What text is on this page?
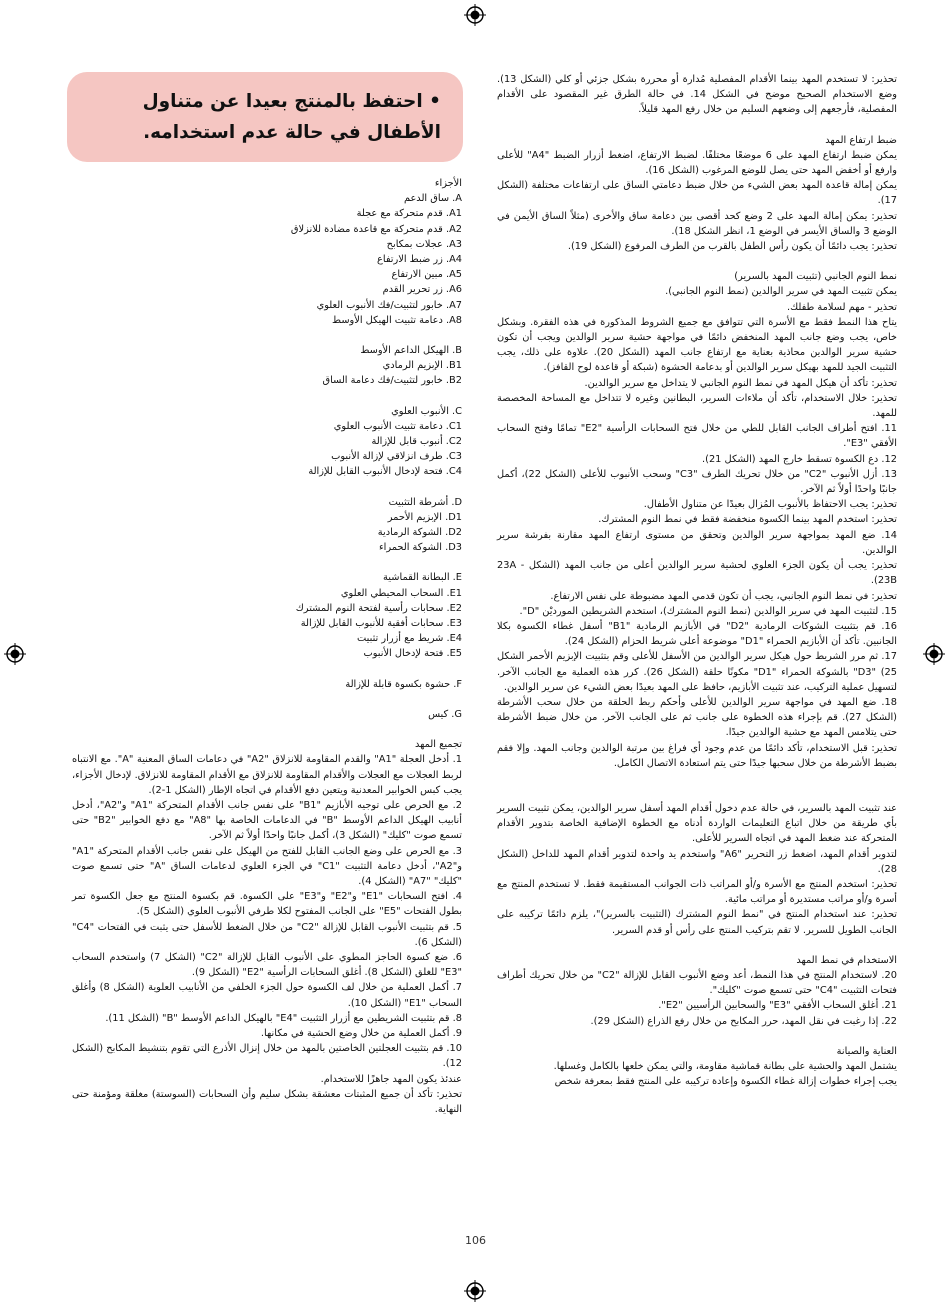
• احتفظ بالمنتج بعيدا عن متناول الأطفال في حالة عدم استخدامه.

تحذير: لا تستخدم المهد بينما الأقدام المفصلية مُدارة أو محررة بشكل جزئي أو كلي (الشكل 13). وضع الاستخدام الصحيح موضح في الشكل 14. في حالة الطرق غير المقصود على الأقدام المفصلية، فأرجعهم إلى وضعهم السليم من خلال رفع المهد قليلاً.

ضبط ارتفاع المهد

يمكن ضبط ارتفاع المهد على 6 موضعًا مختلفًا. لضبط الارتفاع، اضغط أزرار الضبط "A4" للأعلى وارفع أو أخفض المهد حتى يصل للوضع المرغوب (الشكل 16).

يمكن إمالة قاعدة المهد بعض الشيء من خلال ضبط دعامتي الساق على ارتفاعات مختلفة (الشكل 17).

تحذير: يمكن إمالة المهد على 2 وضع كحد أقصى بين دعامة ساق والأخرى (مثلاً الساق الأيمن في الوضع 3 والساق الأيسر في الوضع 1، انظر الشكل 18).

تحذير: يجب دائمًا أن يكون رأس الطفل بالقرب من الطرف المرفوع (الشكل 19).

نمط النوم الجانبي (تثبيت المهد بالسرير)

يمكن تثبيت المهد في سرير الوالدين (نمط النوم الجانبي).

تحذير - مهم لسلامة طفلك.

يتاح هذا النمط فقط مع الأسرة التي تتوافق مع جميع الشروط المذكورة في هذه الفقرة. وبشكل خاص، يجب وضع جانب المهد المنخفض دائمًا في مواجهة حشية سرير الوالدين ويجب أن تكون حشية سرير الوالدين محاذية بعناية مع ارتفاع جانب المهد (الشكل 20). علاوة على ذلك، يجب التثبيت الجيد للمهد بهيكل سرير الوالدين أو بدعامة الحشوة (شبكة أو قاعدة لوح القافز).

تحذير: تأكد أن هيكل المهد في نمط النوم الجانبي لا يتداخل مع سرير الوالدين.

تحذير: خلال الاستخدام، تأكد أن ملاءات السرير، البطانين وغيره لا تتداخل مع المساحة المخصصة للمهد.

11. افتح أطراف الجانب القابل للطي من خلال فتح السحابات الرأسية "E2" تمامًا وفتح السحاب الأفقي "E3".

12. دع الكسوة تسقط خارج المهد (الشكل 21).

13. أزل الأنبوب "C2" من خلال تحريك الطرف "C3" وسحب الأنبوب للأعلى (الشكل 22)، أكمل جانبًا واحدًا أولاً ثم الآخر.

تحذير: يجب الاحتفاظ بالأنبوب المُزال بعيدًا عن متناول الأطفال.

تحذير: استخدم المهد بينما الكسوة منخفضة فقط في نمط النوم المشترك.

14. ضع المهد بمواجهة سرير الوالدين وتحقق من مستوى ارتفاع المهد مقارنة بفرشة سرير الوالدين.

تحذير: يجب أن يكون الجزء العلوي لحشية سرير الوالدين أعلى من جانب المهد (الشكل 23A - 23B).

تحذير: في نمط النوم الجانبي، يجب أن تكون قدمي المهد مضبوطة على نفس الارتفاع.

15. لتثبيت المهد في سرير الوالدين (نمط النوم المشترك)، استخدم الشريطين المورديْن "D".

16. قم بتثبيت الشوكات الرمادية "D2" في الأبازيم الرمادية "B1" أسفل غطاء الكسوة بكلا الجانبين. تأكد أن الأبازيم الحمراء "D1" موضوعة أعلى شريط الحزام (الشكل 24).

17. ثم مرر الشريط حول هيكل سرير الوالدين من الأسفل للأعلى وقم بتثبيت الإبزيم الأحمر الشكل 25) "D3" بالشوكة الحمراء "D1" مكونًا حلقة (الشكل 26). كرر هذه العملية مع الجانب الآخر. لتسهيل عملية التركيب، عند تثبيت الأبازيم، حافظ على المهد بعيدًا بعض الشيء عن سرير الوالدين.

18. ضع المهد في مواجهة سرير الوالدين للأعلى وأحكم ربط الحلقة من خلال سحب الأشرطة (الشكل 27). قم بإجراء هذه الخطوة على جانب ثم على الجانب الآخر. من خلال ضبط الأشرطة حتى يتلامس المهد مع حشية الوالدين جيدًا.

تحذير: قبل الاستخدام، تأكد دائمًا من عدم وجود أي فراغ بين مرتبة الوالدين وجانب المهد. وإلا فقم بضبط الأشرطة من خلال سحبها جيدًا حتى يتم استعادة الاتصال الكامل.

عند تثبيت المهد بالسرير، في حالة عدم دخول أقدام المهد أسفل سرير الوالدين، يمكن تثبيت السرير بأي طريقة من خلال اتباع التعليمات الواردة أدناه مع الخطوة الإضافية الخاصة بتدوير الأقدام المتحركة عند ضغط المهد في اتجاه السرير للأعلى.

لتدوير أقدام المهد، اضغط زر التحرير "A6" واستخدم يد واحدة لتدوير أقدام المهد للداخل (الشكل 28).

تحذير: استخدم المنتج مع الأسرة و/أو المراتب ذات الجوانب المستقيمة فقط. لا تستخدم المنتج مع أسرة و/أو مراتب مستديرة أو مراتب مائية.

تحذير: عند استخدام المنتج في "نمط النوم المشترك (التثبيت بالسرير)"، يلزم دائمًا تركيبه على الجانب الطويل للسرير. لا تقم بتركيب المنتج على رأس أو قدم السرير.

الاستخدام في نمط المهد

20. لاستخدام المنتج في هذا النمط، أعد وضع الأنبوب القابل للإزالة "C2" من خلال تحريك أطراف فتحات التثبيت "C4" حتى تسمع صوت "كليك".

21. أغلق السحاب الأفقي "E3" والسحابين الرأسيين "E2".

22. إذا رغبت في نقل المهد، حرر المكابح من خلال رفع الذراع (الشكل 29).

العناية والصيانة

يشتمل المهد والحشية على بطانة قماشية مقاومة، والتي يمكن خلعها بالكامل وغسلها.

يجب إجراء خطوات إزالة غطاء الكسوة وإعادة تركيبه على المنتج فقط بمعرفة شخص

الأجزاء

A. ساق الدعم

A1. قدم متحركة مع عجلة

A2. قدم متحركة مع قاعدة مضادة للانزلاق

A3. عجلات بمكابح

A4. زر ضبط الارتفاع

A5. مبين الارتفاع

A6. زر تحرير القدم

A7. خابور لتثبيت/فك الأنبوب العلوي

A8. دعامة تثبيت الهيكل الأوسط

B. الهيكل الداعم الأوسط

B1. الإبزيم الرمادي

B2. خابور لتثبيت/فك دعامة الساق

C. الأنبوب العلوي

C1. دعامة تثبيت الأنبوب العلوي

C2. أنبوب قابل للإزالة

C3. طرف انزلاقي لإزالة الأنبوب

C4. فتحة لإدخال الأنبوب القابل للإزالة

D. أشرطة التثبيت

D1. الإبزيم الأحمر

D2. الشوكة الرمادية

D3. الشوكة الحمراء

E. البطانة القماشية

E1. السحاب المحيطي العلوي

E2. سحابات رأسية لفتحة النوم المشترك

E3. سحابات أفقية للأنبوب القابل للإزالة

E4. شريط مع أزرار تثبيت

E5. فتحة لإدخال الأنبوب

F. حشوة بكسوة قابلة للإزالة

G. كيس

تجميع المهد

1. أدخل العجلة "A1" والقدم المقاومة للانزلاق "A2" في دعامات الساق المعنية "A". مع الانتباه لربط العجلات مع العجلات والأقدام المقاومة للانزلاق مع الأقدام المقاومة للانزلاق. لإدخال الأجزاء، يجب كبس الخوابير المعدنية ويتعين دفع الأقدام في اتجاه الإطار (الشكل 1-2).

2. مع الحرص على توجيه الأبازيم "B1" على نفس جانب الأقدام المتحركة "A1" و"A2"، أدخل أنابيب الهيكل الداعم الأوسط "B" في الدعامات الخاصة بها "A8" مع دفع الخوابير "B2" حتى تسمع صوت "كليك" (الشكل 3)، أكمل جانبًا واحدًا أولاً ثم الآخر.

3. مع الحرص على وضع الجانب القابل للفتح من الهيكل على نفس جانب الأقدام المتحركة "A1" و"A2"، أدخل دعامة التثبيت "C1" في الجزء العلوي لدعامات الساق "A" حتى تسمع صوت "كليك" "A7" (الشكل 4).

4. افتح السحابات "E1" و"E2" و"E3" على الكسوة. قم بكسوة المنتج مع جعل الكسوة تمر بطول الفتحات "E5" على الجانب المفتوح لكلا طرفي الأنبوب العلوي (الشكل 5).

5. قم بتثبيت الأنبوب القابل للإزالة "C2" من خلال الضغط للأسفل حتى يثبت في الفتحات "C4" (الشكل 6).

6. ضع كسوة الحاجز المطوي على الأنبوب القابل للإزالة "C2" (الشكل 7) واستخدم السحاب "E3" للغلق (الشكل 8). أغلق السحابات الرأسية "E2" (الشكل 9).

7. أكمل العملية من خلال لف الكسوة حول الجزء الخلفي من الأنابيب العلوية (الشكل 8) وأغلق السحاب "E1" (الشكل 10).

8. قم بتثبيت الشريطين مع أزرار التثبيت "E4" بالهيكل الداعم الأوسط "B" (الشكل 11).

9. أكمل العملية من خلال وضع الحشية في مكانها.

10. قم بتثبيت العجلتين الخاصتين بالمهد من خلال إنزال الأذرع التي تقوم بتنشيط المكابح (الشكل 12).

عندئذ يكون المهد جاهزًا للاستخدام.

تحذير: تأكد أن جميع المثبتات معشقة بشكل سليم وأن السحابات (السوستة) مغلقة ومؤمنة حتى النهاية.

106
